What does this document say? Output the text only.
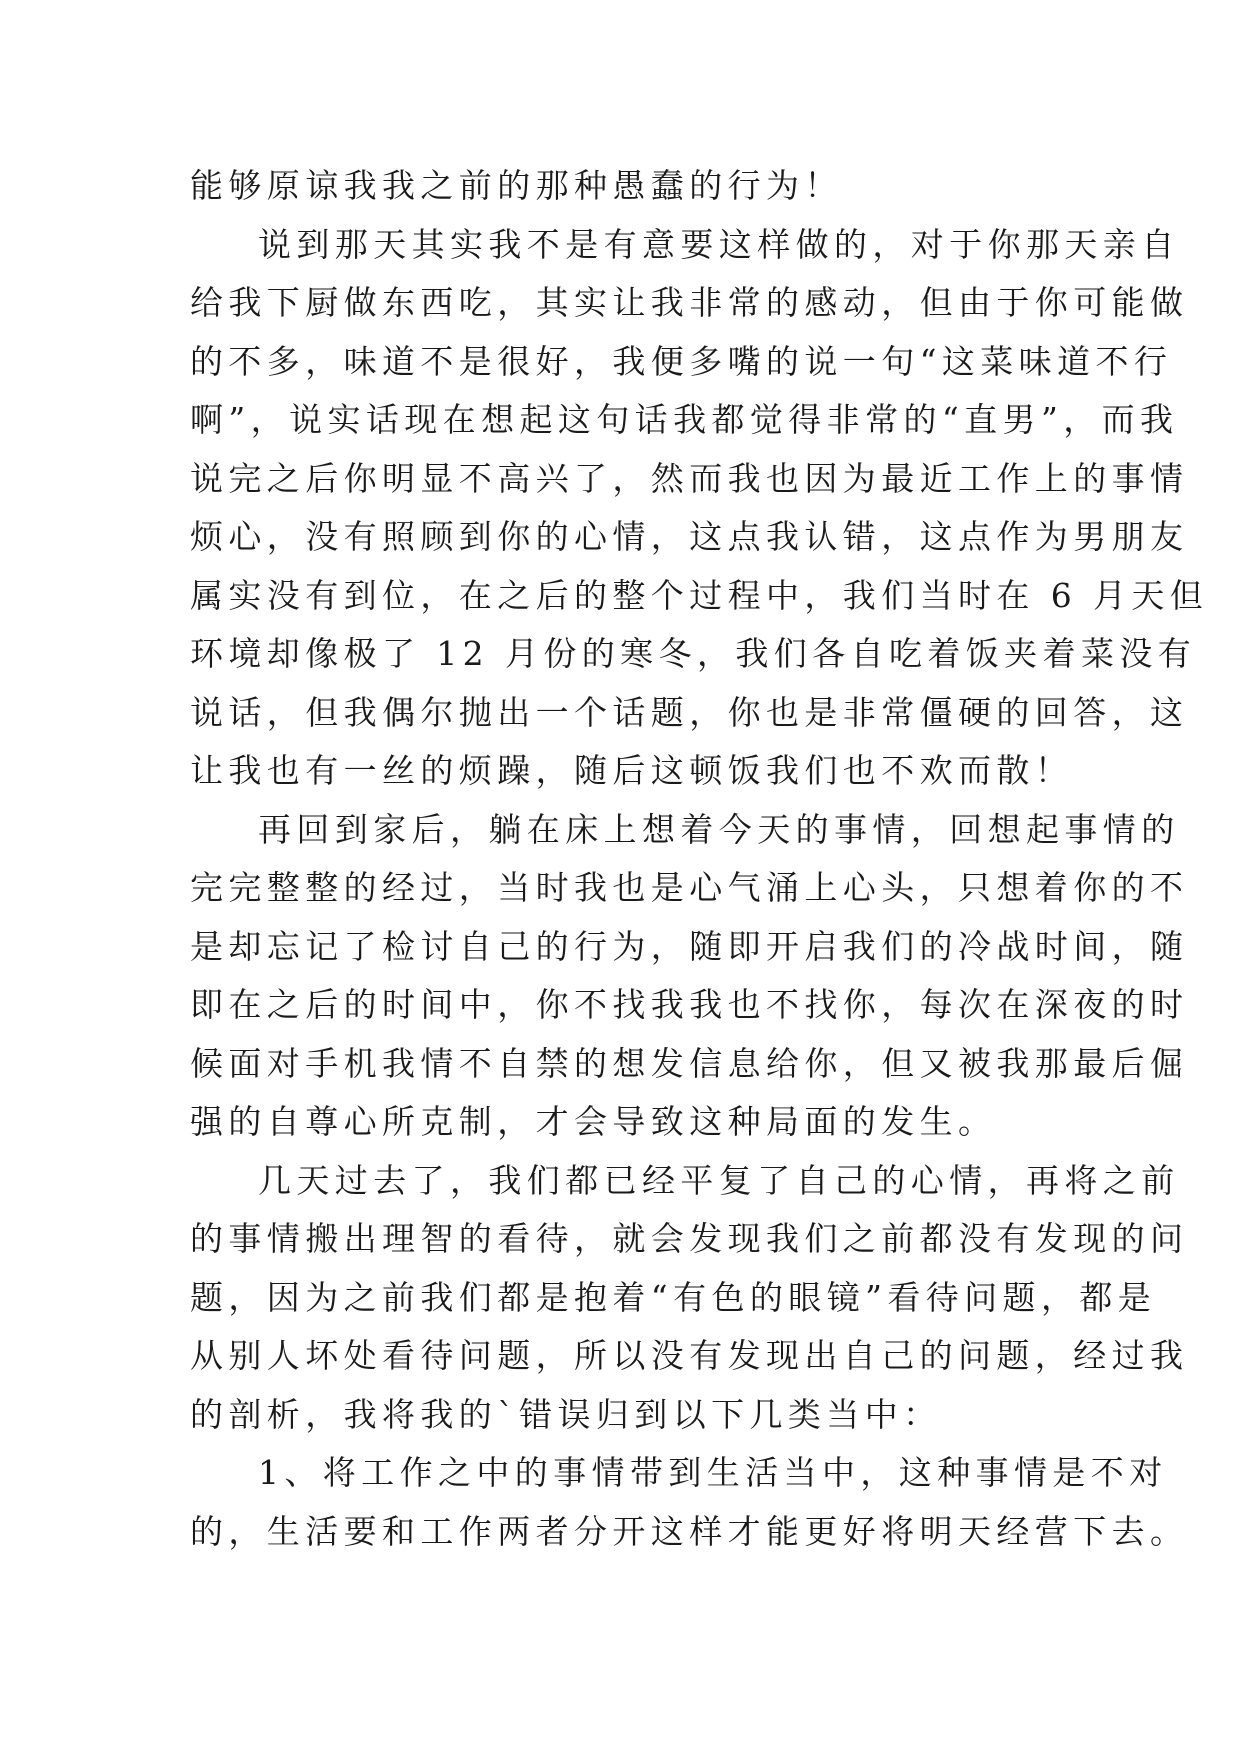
能够原谅我我之前的那种愚蠢的行为！
说到那天其实我不是有意要这样做的，对于你那天亲自
给我下厨做东西吃，其实让我非常的感动，但由于你可能做
的不多，味道不是很好，我便多嘴的说一句“这菜味道不行
啊”，说实话现在想起这句话我都觉得非常的“直男”，而我
说完之后你明显不高兴了，然而我也因为最近工作上的事情
烦心，没有照顾到你的心情，这点我认错，这点作为男朋友
属实没有到位，在之后的整个过程中，我们当时在 6 月天但
环境却像极了 12 月份的寒冬，我们各自吃着饭夹着菜没有
说话，但我偶尔抛出一个话题，你也是非常僵硬的回答，这
让我也有一丝的烦躁，随后这顿饭我们也不欢而散！
再回到家后，躺在床上想着今天的事情，回想起事情的
完完整整的经过，当时我也是心气涌上心头，只想着你的不
是却忘记了检讨自己的行为，随即开启我们的冷战时间，随
即在之后的时间中，你不找我我也不找你，每次在深夜的时
候面对手机我情不自禁的想发信息给你，但又被我那最后倔
强的自尊心所克制，才会导致这种局面的发生。
几天过去了，我们都已经平复了自己的心情，再将之前
的事情搬出理智的看待，就会发现我们之前都没有发现的问
题，因为之前我们都是抱着“有色的眼镜”看待问题，都是
从别人坏处看待问题，所以没有发现出自己的问题，经过我
的剖析，我将我的`错误归到以下几类当中：
1、将工作之中的事情带到生活当中，这种事情是不对
的，生活要和工作两者分开这样才能更好将明天经营下去。
